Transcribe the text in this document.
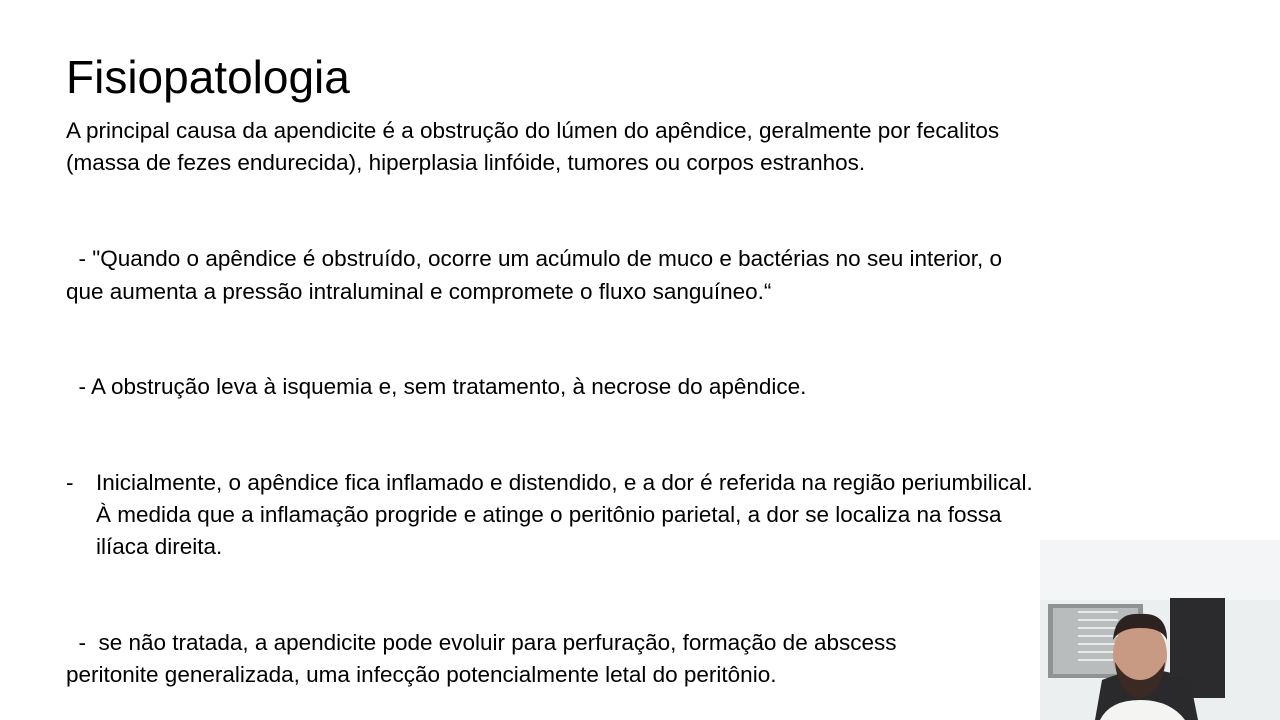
Fisiopatologia
A principal causa da apendicite é a obstrução do lúmen do apêndice, geralmente por fecalitos
(massa de fezes endurecida), hiperplasia linfóide, tumores ou corpos estranhos.
- "Quando o apêndice é obstruído, ocorre um acúmulo de muco e bactérias no seu interior, o
que aumenta a pressão intraluminal e compromete o fluxo sanguíneo.“
- A obstrução leva à isquemia e, sem tratamento, à necrose do apêndice.
- Inicialmente, o apêndice fica inflamado e distendido, e a dor é referida na região periumbilical.
À medida que a inflamação progride e atinge o peritônio parietal, a dor se localiza na fossa
ilíaca direita.
-  se não tratada, a apendicite pode evoluir para perfuração, formação de abscess
peritonite generalizada, uma infecção potencialmente letal do peritônio.
